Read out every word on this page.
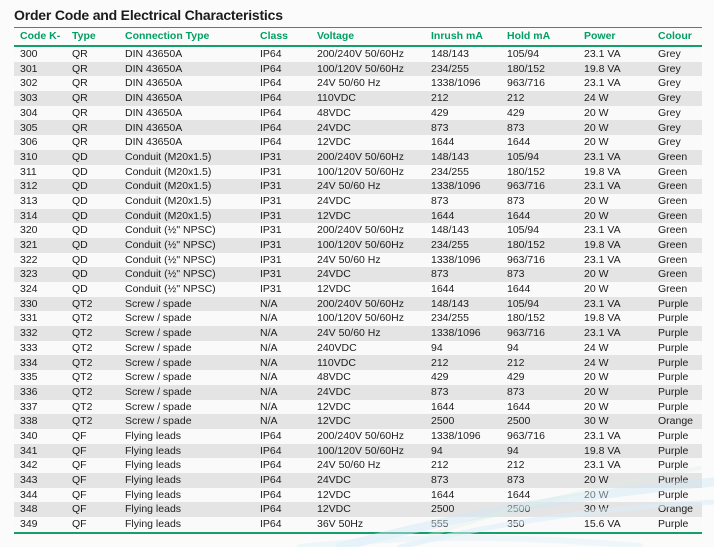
Order Code and Electrical Characteristics
Code K-	Type	Connection Type	Class	Voltage	Inrush mA	Hold mA	Power	Colour
300	QR	DIN 43650A	IP64	200/240V 50/60Hz	148/143	105/94	23.1 VA	Grey
301	QR	DIN 43650A	IP64	100/120V 50/60Hz	234/255	180/152	19.8 VA	Grey
302	QR	DIN 43650A	IP64	24V 50/60 Hz	1338/1096	963/716	23.1 VA	Grey
303	QR	DIN 43650A	IP64	110VDC	212	212	24 W	Grey
304	QR	DIN 43650A	IP64	48VDC	429	429	20 W	Grey
305	QR	DIN 43650A	IP64	24VDC	873	873	20 W	Grey
306	QR	DIN 43650A	IP64	12VDC	1644	1644	20 W	Grey
310	QD	Conduit (M20x1.5)	IP31	200/240V 50/60Hz	148/143	105/94	23.1 VA	Green
311	QD	Conduit (M20x1.5)	IP31	100/120V 50/60Hz	234/255	180/152	19.8 VA	Green
312	QD	Conduit (M20x1.5)	IP31	24V 50/60 Hz	1338/1096	963/716	23.1 VA	Green
313	QD	Conduit (M20x1.5)	IP31	24VDC	873	873	20 W	Green
314	QD	Conduit (M20x1.5)	IP31	12VDC	1644	1644	20 W	Green
320	QD	Conduit (½" NPSC)	IP31	200/240V 50/60Hz	148/143	105/94	23.1 VA	Green
321	QD	Conduit (½" NPSC)	IP31	100/120V 50/60Hz	234/255	180/152	19.8 VA	Green
322	QD	Conduit (½" NPSC)	IP31	24V 50/60 Hz	1338/1096	963/716	23.1 VA	Green
323	QD	Conduit (½" NPSC)	IP31	24VDC	873	873	20 W	Green
324	QD	Conduit (½" NPSC)	IP31	12VDC	1644	1644	20 W	Green
330	QT2	Screw / spade	N/A	200/240V 50/60Hz	148/143	105/94	23.1 VA	Purple
331	QT2	Screw / spade	N/A	100/120V 50/60Hz	234/255	180/152	19.8 VA	Purple
332	QT2	Screw / spade	N/A	24V 50/60 Hz	1338/1096	963/716	23.1 VA	Purple
333	QT2	Screw / spade	N/A	240VDC	94	94	24 W	Purple
334	QT2	Screw / spade	N/A	110VDC	212	212	24 W	Purple
335	QT2	Screw / spade	N/A	48VDC	429	429	20 W	Purple
336	QT2	Screw / spade	N/A	24VDC	873	873	20 W	Purple
337	QT2	Screw / spade	N/A	12VDC	1644	1644	20 W	Purple
338	QT2	Screw / spade	N/A	12VDC	2500	2500	30 W	Orange
340	QF	Flying leads	IP64	200/240V 50/60Hz	1338/1096	963/716	23.1 VA	Purple
341	QF	Flying leads	IP64	100/120V 50/60Hz	94	94	19.8 VA	Purple
342	QF	Flying leads	IP64	24V 50/60 Hz	212	212	23.1 VA	Purple
343	QF	Flying leads	IP64	24VDC	873	873	20 W	Purple
344	QF	Flying leads	IP64	12VDC	1644	1644	20 W	Purple
348	QF	Flying leads	IP64	12VDC	2500	2500	30 W	Orange
349	QF	Flying leads	IP64	36V 50Hz	555	350	15.6 VA	Purple
